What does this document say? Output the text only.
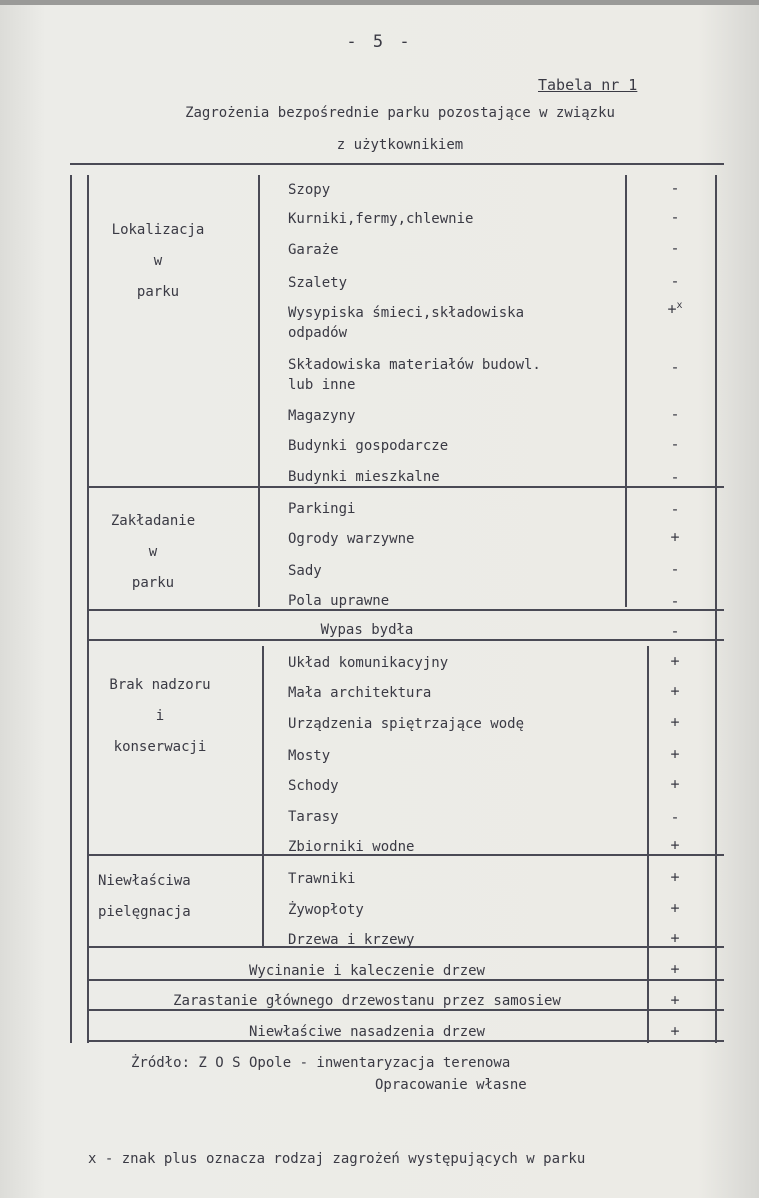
- 5 -
Tabela nr 1
Zagrożenia bezpośrednie parku pozostające w związku
z użytkownikiem
Lokalizacja
w
parku
Zakładanie
w
parku
Brak nadzoru
i
konserwacji
Niewłaściwa
pielęgnacja
Szopy
Kurniki,fermy,chlewnie
Garaże
Szalety
Wysypiska śmieci,składowiska
odpadów
Składowiska materiałów budowl.
lub inne
Magazyny
Budynki gospodarcze
Budynki mieszkalne
Parkingi
Ogrody warzywne
Sady
Pola uprawne
Wypas bydła
Układ komunikacyjny
Mała architektura
Urządzenia spiętrzające wodę
Mosty
Schody
Tarasy
Zbiorniki wodne
Trawniki
Żywopłoty
Drzewa i krzewy
Wycinanie i kaleczenie drzew
Zarastanie głównego drzewostanu przez samosiew
Niewłaściwe nasadzenia drzew
-
-
-
-
+$^x$
-
-
-
-
-
+
-
-
-
+
+
+
+
+
-
+
+
+
+
+
+
+
Żródło: Z O S Opole - inwentaryzacja terenowa
Opracowanie własne
x - znak plus oznacza rodzaj zagrożeń występujących w parku
